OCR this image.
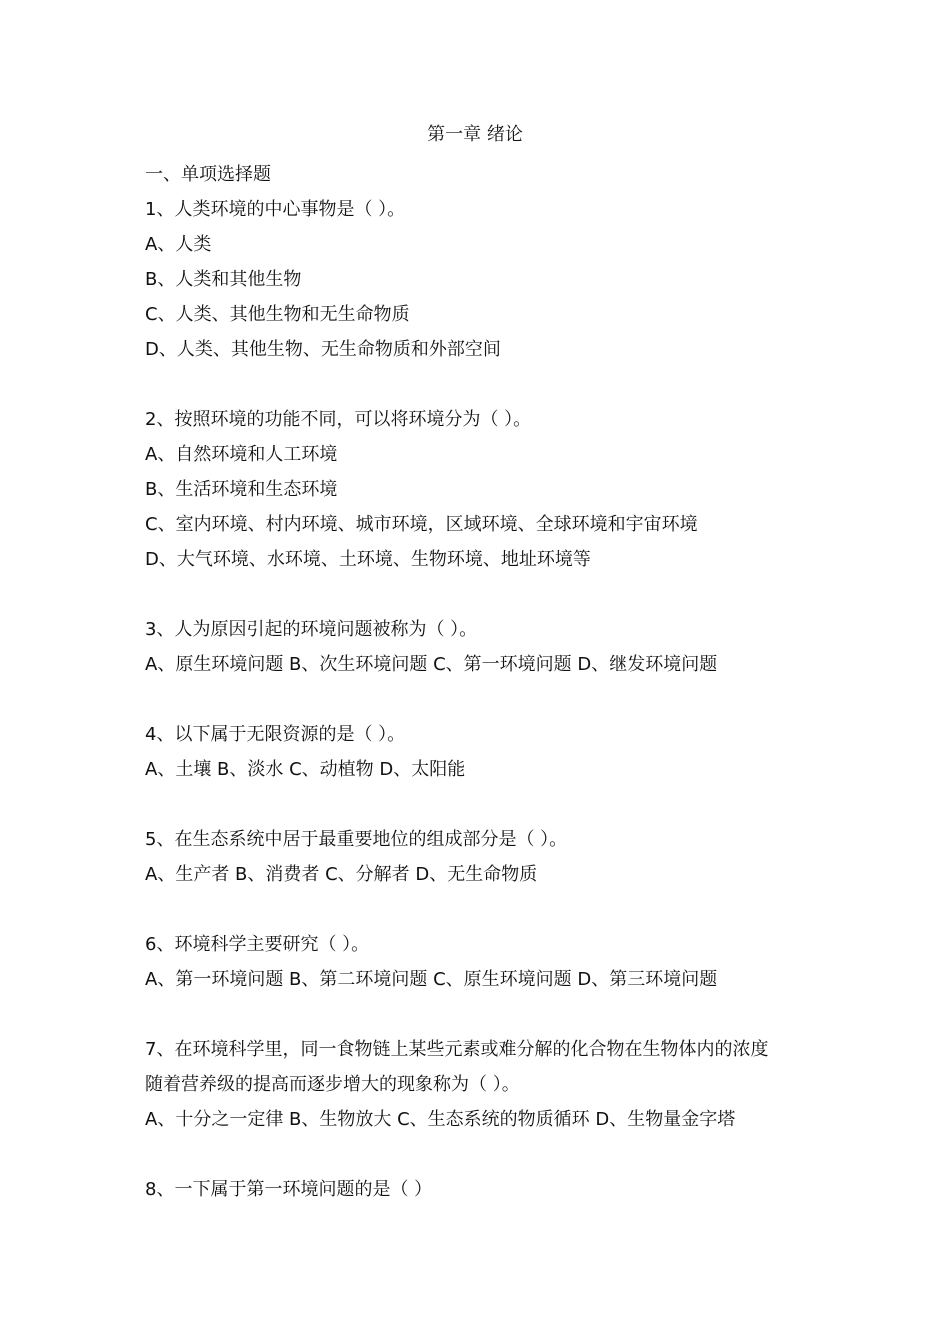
第一章 绪论

一、单项选择题

1、人类环境的中心事物是（ ）。

A、人类

B、人类和其他生物

C、人类、其他生物和无生命物质

D、人类、其他生物、无生命物质和外部空间

2、按照环境的功能不同，可以将环境分为（ ）。

A、自然环境和人工环境

B、生活环境和生态环境

C、室内环境、村内环境、城市环境，区域环境、全球环境和宇宙环境

D、大气环境、水环境、土环境、生物环境、地址环境等

3、人为原因引起的环境问题被称为（ ）。

A、原生环境问题 B、次生环境问题 C、第一环境问题 D、继发环境问题

4、以下属于无限资源的是（ ）。

A、土壤 B、淡水 C、动植物 D、太阳能

5、在生态系统中居于最重要地位的组成部分是（ ）。

A、生产者 B、消费者 C、分解者 D、无生命物质

6、环境科学主要研究（ ）。

A、第一环境问题 B、第二环境问题 C、原生环境问题 D、第三环境问题

7、在环境科学里，同一食物链上某些元素或难分解的化合物在生物体内的浓度

随着营养级的提高而逐步增大的现象称为（ ）。

A、十分之一定律 B、生物放大 C、生态系统的物质循环 D、生物量金字塔

8、一下属于第一环境问题的是（ ）
